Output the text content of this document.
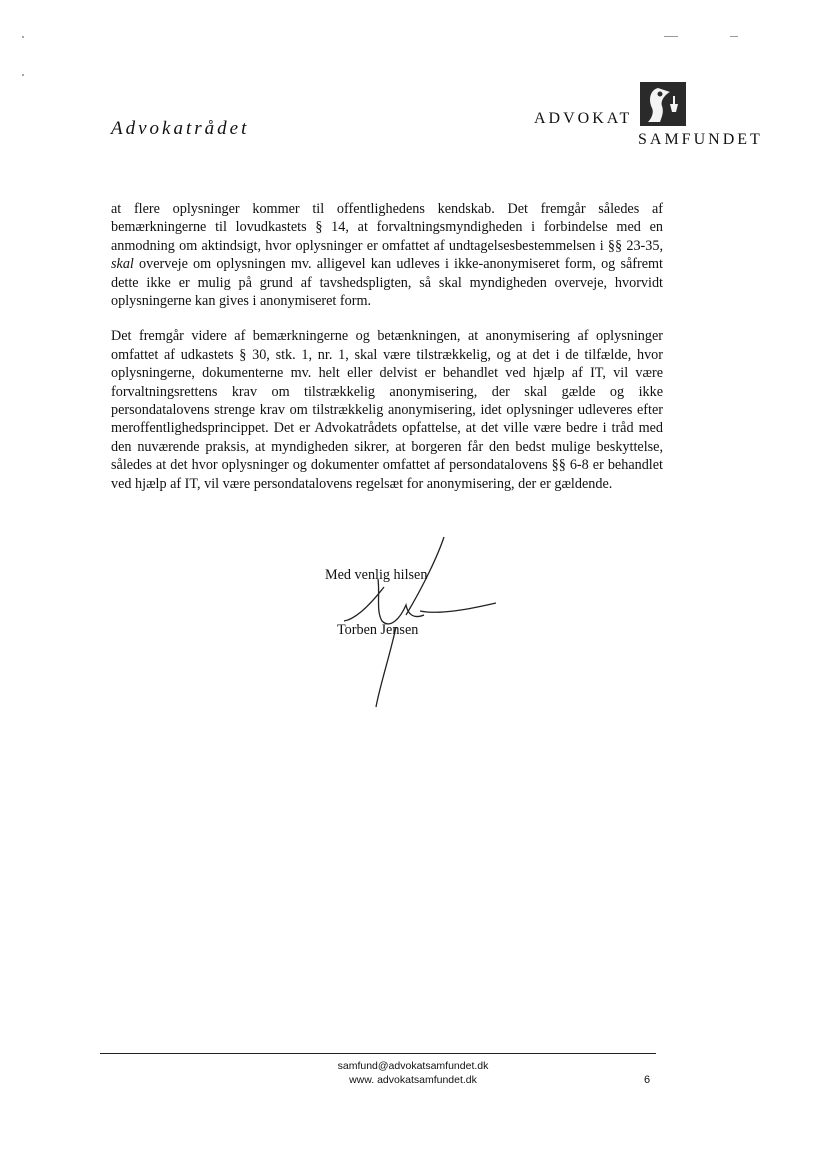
Advokatrådet	ADVOKAT
SAMFUNDET

at flere oplysninger kommer til offentlighedens kendskab. Det fremgår således af bemærkningerne til lovudkastets § 14, at forvaltningsmyndigheden i forbindelse med en anmodning om aktindsigt, hvor oplysninger er omfattet af undtagelsesbestemmelsen i §§ 23-35, skal overveje om oplysningen mv. alligevel kan udleves i ikke-anonymiseret form, og såfremt dette ikke er mulig på grund af tavshedspligten, så skal myndigheden overveje, hvorvidt oplysningerne kan gives i anonymiseret form.

Det fremgår videre af bemærkningerne og betænkningen, at anonymisering af oplysninger omfattet af udkastets § 30, stk. 1, nr. 1, skal være tilstrækkelig, og at det i de tilfælde, hvor oplysningerne, dokumenterne mv. helt eller delvist er behandlet ved hjælp af IT, vil være forvaltningsrettens krav om tilstrækkelig anonymisering, der skal gælde og ikke persondatalovens strenge krav om tilstrækkelig anonymisering, idet oplysninger udleveres efter meroffentlighedsprincippet. Det er Advokatrådets opfattelse, at det ville være bedre i tråd med den nuværende praksis, at myndigheden sikrer, at borgeren får den bedst mulige beskyttelse, således at det hvor oplysninger og dokumenter omfattet af persondatalovens §§ 6-8 er behandlet ved hjælp af IT, vil være persondatalovens regelsæt for anonymisering, der er gældende.

Med venlig hilsen
Torben Jensen
samfund@advokatsamfundet.dk
www. advokatsamfundet.dk	6
